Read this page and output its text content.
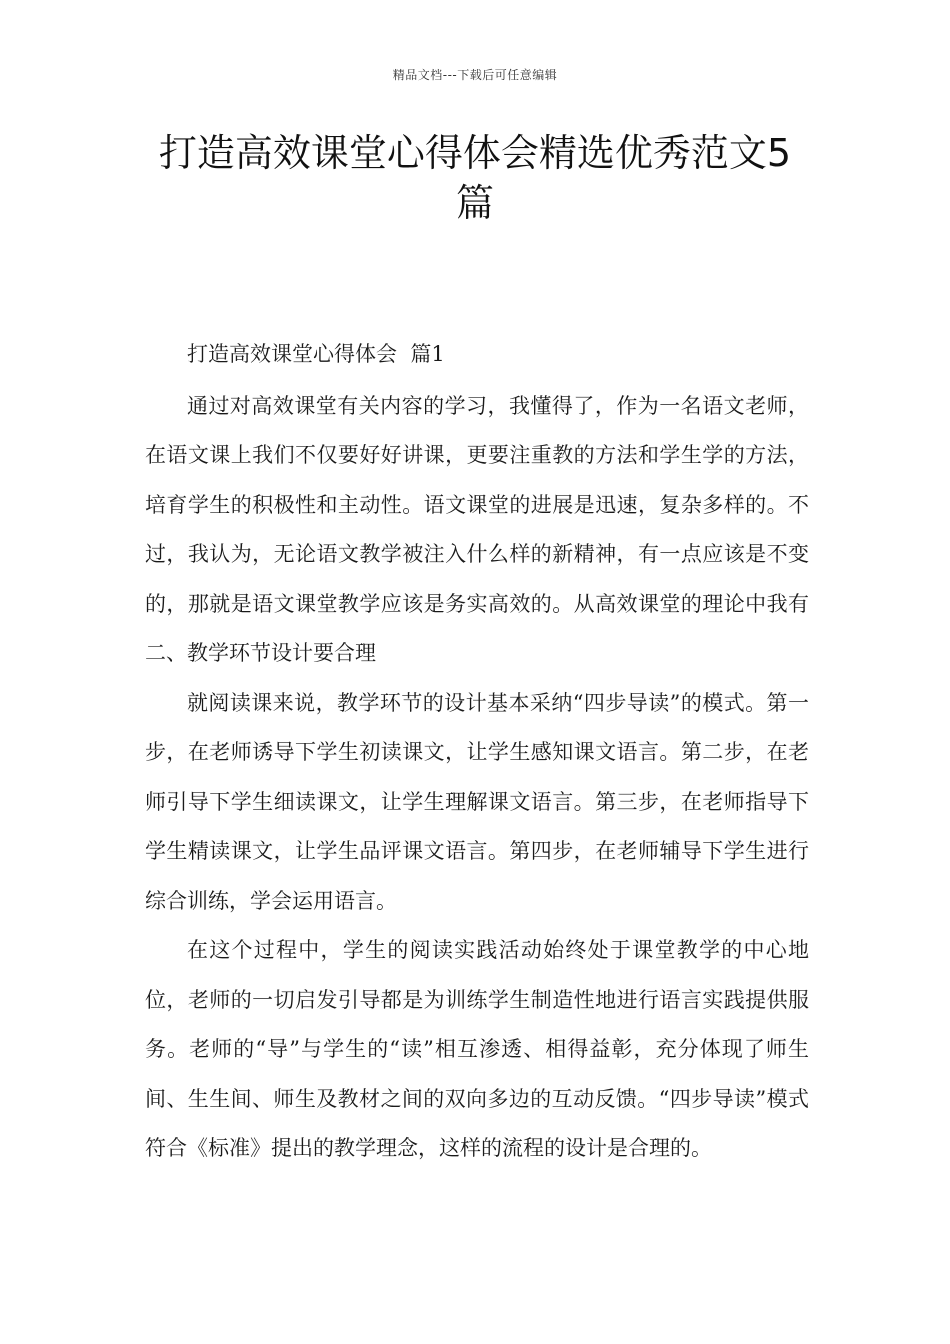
精品文档---下载后可任意编辑
打造高效课堂心得体会精选优秀范文5篇

打造高效课堂心得体会  篇1

通过对高效课堂有关内容的学习，我懂得了，作为一名语文老师，在语文课上我们不仅要好好讲课，更要注重教的方法和学生学的方法，培育学生的积极性和主动性。语文课堂的进展是迅速，复杂多样的。不过，我认为，无论语文教学被注入什么样的新精神，有一点应该是不变的，那就是语文课堂教学应该是务实高效的。从高效课堂的理论中我有二、教学环节设计要合理

就阅读课来说，教学环节的设计基本采纳“四步导读”的模式。第一步，在老师诱导下学生初读课文，让学生感知课文语言。第二步，在老师引导下学生细读课文，让学生理解课文语言。第三步，在老师指导下学生精读课文，让学生品评课文语言。第四步，在老师辅导下学生进行综合训练，学会运用语言。

在这个过程中，学生的阅读实践活动始终处于课堂教学的中心地位，老师的一切启发引导都是为训练学生制造性地进行语言实践提供服务。老师的“导”与学生的“读”相互渗透、相得益彰，充分体现了师生间、生生间、师生及教材之间的双向多边的互动反馈。“四步导读”模式符合《标准》提出的教学理念，这样的流程的设计是合理的。
